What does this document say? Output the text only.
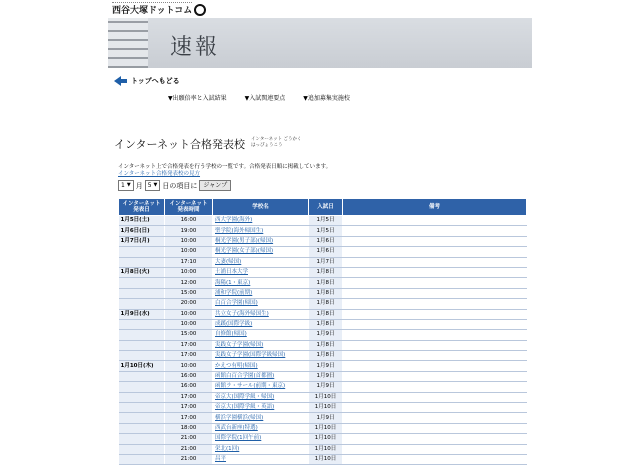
西谷大塚ドットコム
速報
トップへもどる
▼出願倍率と入試結果	▼入試関連要点	▼追加募集実施校
インターネット合格発表校 インターネット ごうかく
はっぴょうこう
インターネット上で合格発表を行う学校の一覧です。合格発表日順に掲載しています。
インターネット合格発表校の見方
1 ▼ 月 5 ▼ 日の項目に	ジャンプ
インターネット
発表日	インターネット
発表時間	学校名	入試日	備考
1月5日(土)	16:00	西大学園(海外)	1月5日	
1月6日(日)	19:00	聖学院(海外帰国生)	1月5日	
1月7日(月)	10:00	桐光学園(男子部)(帰国)	1月6日	
	10:00	桐光学園(女子部)(帰国)	1月6日	
	17:10	大妻(帰国)	1月7日	
1月8日(火)	10:00	土浦日本大学	1月8日	
	12:00	海陽(1・東京)	1月8日	
	15:00	浦和学院(前期)	1月8日	
	20:00	白百合学園(帰国)	1月8日	
1月9日(水)	10:00	共立女子(海外帰国生)	1月8日	
	10:00	成蹊(国際学級)	1月8日	
	15:00	自修館(帰国)	1月9日	
	17:00	実践女子学園(帰国)	1月8日	
	17:00	実践女子学園(国際学級帰国)	1月8日	
1月10日(木)	10:00	かえつ有明(帰国)	1月9日	
	16:00	函館白百合学園(首都圏)	1月9日	
	16:00	函館ラ・サール(前期・東京)	1月9日	
	17:00	帝京大(国際学級・帰国)	1月10日	
	17:00	帝京大(国際学級・英語)	1月10日	
	17:00	横浜学園横浜(帰国)	1月9日	
	18:00	西武台新座(特選)	1月10日	
	21:00	国際学院(1回午前)	1月10日	
	21:00	栄北(1回)	1月10日	
	21:00	昌平	1月10日	
